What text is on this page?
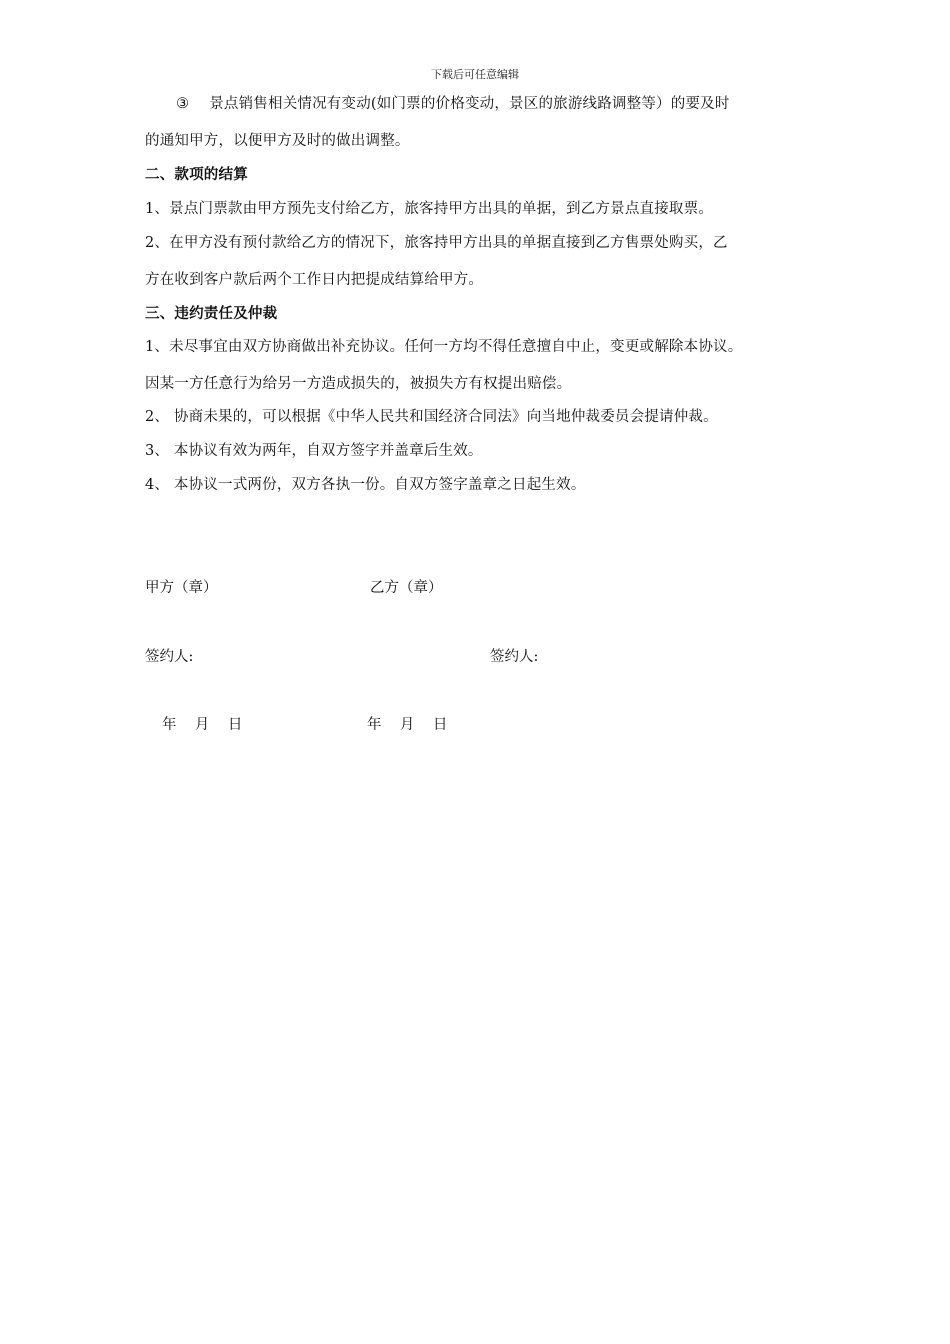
下载后可任意编辑
③ 景点销售相关情况有变动(如门票的价格变动，景区的旅游线路调整等）的要及时
的通知甲方，以便甲方及时的做出调整。
二、款项的结算
1、景点门票款由甲方预先支付给乙方，旅客持甲方出具的单据，到乙方景点直接取票。
2、在甲方没有预付款给乙方的情况下，旅客持甲方出具的单据直接到乙方售票处购买，乙
方在收到客户款后两个工作日内把提成结算给甲方。
三、违约责任及仲裁
1、未尽事宜由双方协商做出补充协议。任何一方均不得任意擅自中止，变更或解除本协议。
因某一方任意行为给另一方造成损失的，被损失方有权提出赔偿。
2、 协商未果的，可以根据《中华人民共和国经济合同法》向当地仲裁委员会提请仲裁。
3、 本协议有效为两年，自双方签字并盖章后生效。
4、 本协议一式两份，双方各执一份。自双方签字盖章之日起生效。
甲方（章）	乙方（章）
签约人:	签约人:
年    月    日	年    月    日
